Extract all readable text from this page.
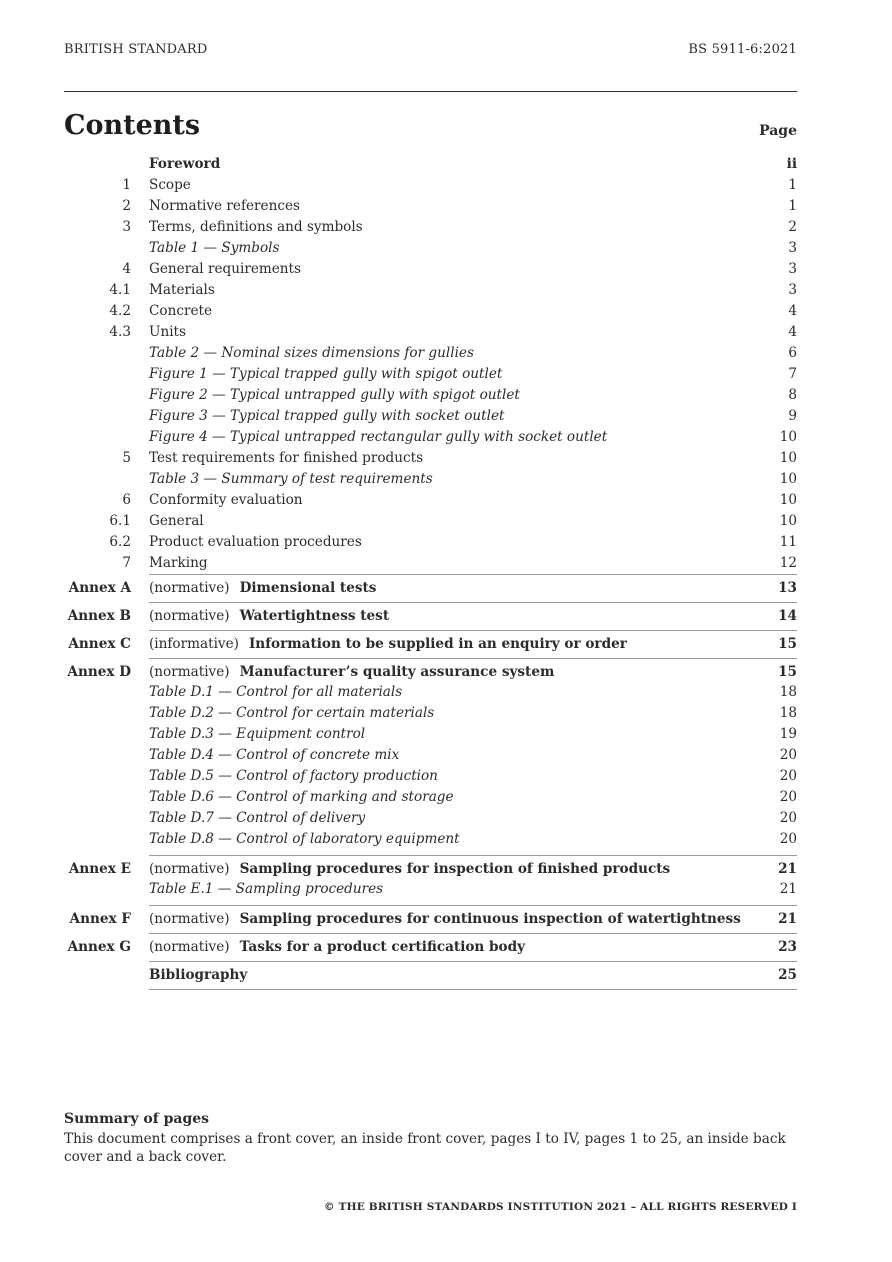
BRITISH STANDARD	BS 5911-6:2021
Contents	Page
Foreword	ii
1 Scope	1
2 Normative references	1
3 Terms, definitions and symbols	2
Table 1 — Symbols	3
4 General requirements	3
4.1 Materials	3
4.2 Concrete	4
4.3 Units	4
Table 2 — Nominal sizes dimensions for gullies	6
Figure 1 — Typical trapped gully with spigot outlet	7
Figure 2 — Typical untrapped gully with spigot outlet	8
Figure 3 — Typical trapped gully with socket outlet	9
Figure 4 — Typical untrapped rectangular gully with socket outlet	10
5 Test requirements for finished products	10
Table 3 — Summary of test requirements	10
6 Conformity evaluation	10
6.1 General	10
6.2 Product evaluation procedures	11
7 Marking	12
Annex A (normative) Dimensional tests	13
Annex B (normative) Watertightness test	14
Annex C (informative) Information to be supplied in an enquiry or order	15
Annex D (normative) Manufacturer’s quality assurance system	15
Table D.1 — Control for all materials	18
Table D.2 — Control for certain materials	18
Table D.3 — Equipment control	19
Table D.4 — Control of concrete mix	20
Table D.5 — Control of factory production	20
Table D.6 — Control of marking and storage	20
Table D.7 — Control of delivery	20
Table D.8 — Control of laboratory equipment	20
Annex E (normative) Sampling procedures for inspection of finished products	21
Table E.1 — Sampling procedures	21
Annex F (normative) Sampling procedures for continuous inspection of watertightness	21
Annex G (normative) Tasks for a product certification body	23
Bibliography	25
Summary of pages
This document comprises a front cover, an inside front cover, pages I to IV, pages 1 to 25, an inside back cover and a back cover.
© THE BRITISH STANDARDS INSTITUTION 2021 – ALL RIGHTS RESERVED I
